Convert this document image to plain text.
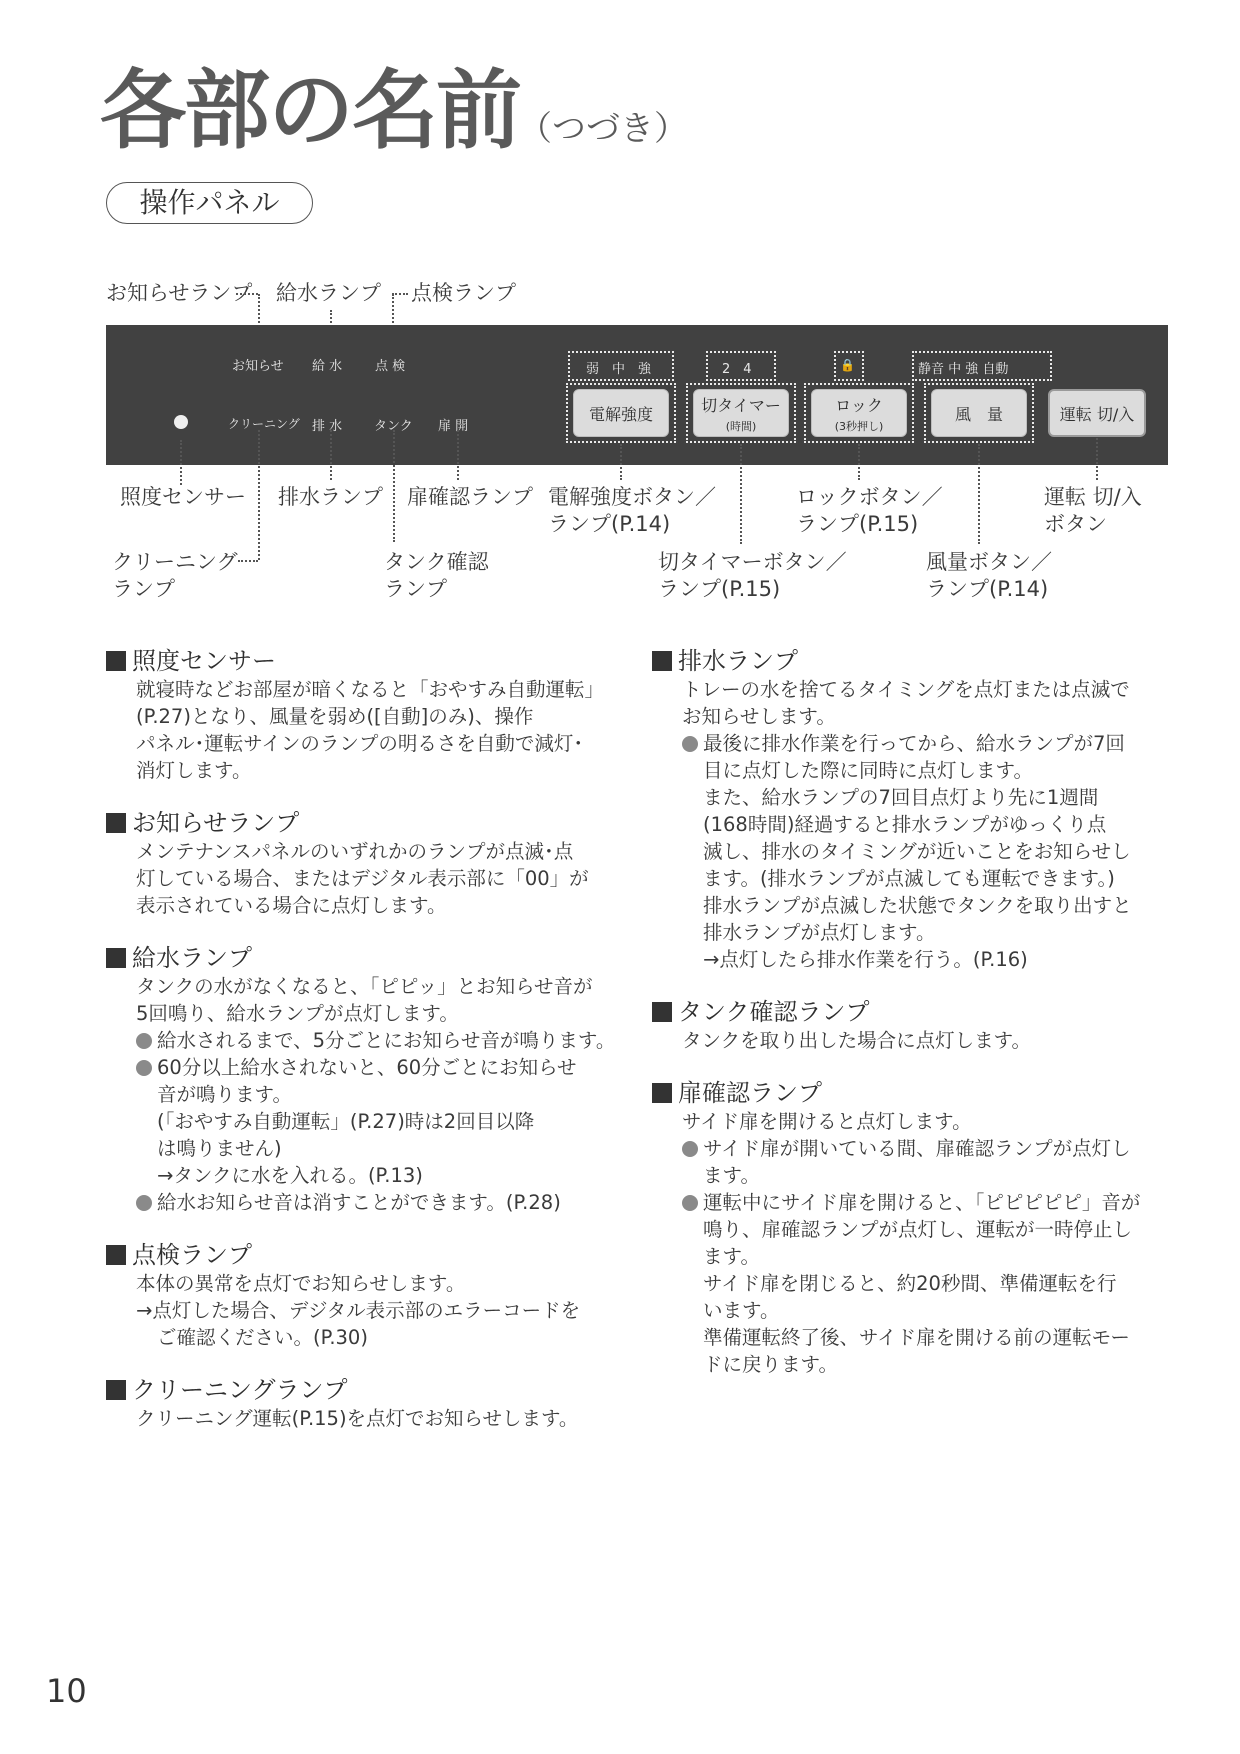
各部の名前
（つづき）
操作パネル
お知らせランプ 給水ランプ 点検ランプ
お知らせ 給 水	点 検
クリーニング 排 水 タンク 扉 開
弱　中　強
電解強度
2　4
切タイマー
(時間)
🔒
ロック
(3秒押し)
静音 中 強 自動
風　量	運転 切/入
照度センサー 排水ランプ 扉確認ランプ 電解強度ボタン／
ランプ(P.14)
ロックボタン／
ランプ(P.15)
運転 切/入
ボタン
クリーニング
ランプ
タンク確認
ランプ
切タイマーボタン／
ランプ(P.15)
風量ボタン／
ランプ(P.14)
照度センサー
就寝時などお部屋が暗くなると「おやすみ自動運転」
(P.27)となり、風量を弱め([自動]のみ)、操作
パネル･運転サインのランプの明るさを自動で減灯･
消灯します。
お知らせランプ
メンテナンスパネルのいずれかのランプが点滅･点
灯している場合、またはデジタル表示部に「00」が
表示されている場合に点灯します。
給水ランプ
タンクの水がなくなると、「ピピッ」とお知らせ音が
5回鳴り、給水ランプが点灯します。
給水されるまで、5分ごとにお知らせ音が鳴ります。
60分以上給水されないと、60分ごとにお知らせ
音が鳴ります。
(「おやすみ自動運転」(P.27)時は2回目以降
は鳴りません)
→タンクに水を入れる。(P.13)
給水お知らせ音は消すことができます。(P.28)
点検ランプ
本体の異常を点灯でお知らせします。
→点灯した場合、デジタル表示部のエラーコードを
ご確認ください。(P.30)
クリーニングランプ
クリーニング運転(P.15)を点灯でお知らせします。
排水ランプ
トレーの水を捨てるタイミングを点灯または点滅で
お知らせします。
最後に排水作業を行ってから、給水ランプが7回
目に点灯した際に同時に点灯します。
また、給水ランプの7回目点灯より先に1週間
(168時間)経過すると排水ランプがゆっくり点
滅し、排水のタイミングが近いことをお知らせし
ます。(排水ランプが点滅しても運転できます。)
排水ランプが点滅した状態でタンクを取り出すと
排水ランプが点灯します。
→点灯したら排水作業を行う。(P.16)
タンク確認ランプ
タンクを取り出した場合に点灯します。
扉確認ランプ
サイド扉を開けると点灯します。
サイド扉が開いている間、扉確認ランプが点灯し
ます。
運転中にサイド扉を開けると、「ピピピピピ」音が
鳴り、扉確認ランプが点灯し、運転が一時停止し
ます。
サイド扉を閉じると、約20秒間、準備運転を行
います。
準備運転終了後、サイド扉を開ける前の運転モー
ドに戻ります。
10
